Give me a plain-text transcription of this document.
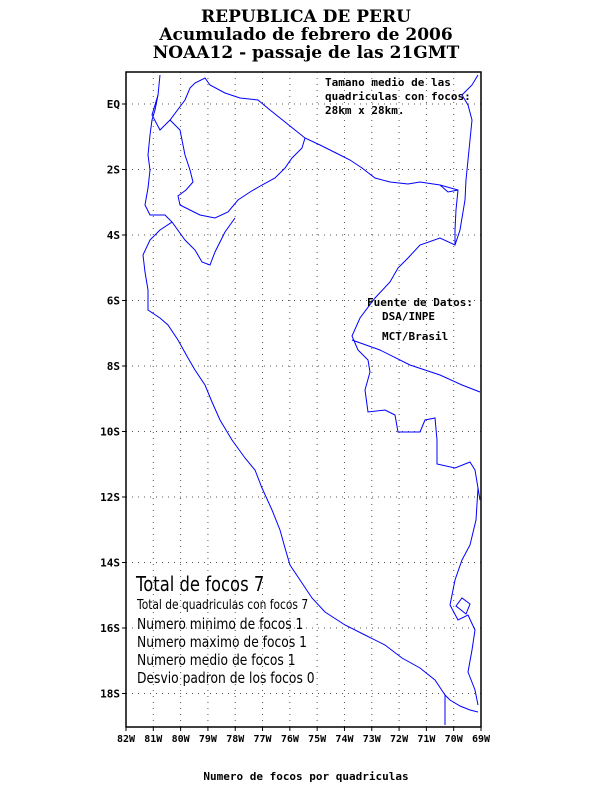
REPUBLICA DE PERU
Acumulado de febrero de 2006
NOAA12 - passaje de las 21GMT
EQ
2S
4S
6S
8S
10S
12S
14S
16S
18S
82W 81W 80W 79W 78W 77W 76W 75W 74W 73W 72W 71W 70W 69W
Tamano medio de las
quadriculas con focos:
28km x 28km.
Fuente de Datos:
DSA/INPE
MCT/Brasil
Total de focos 7
Total de quadriculas con focos 7
Numero minimo de focos 1
Numero maximo de focos 1
Numero medio de focos 1
Desvio padron de los focos 0
Numero de focos por quadriculas
